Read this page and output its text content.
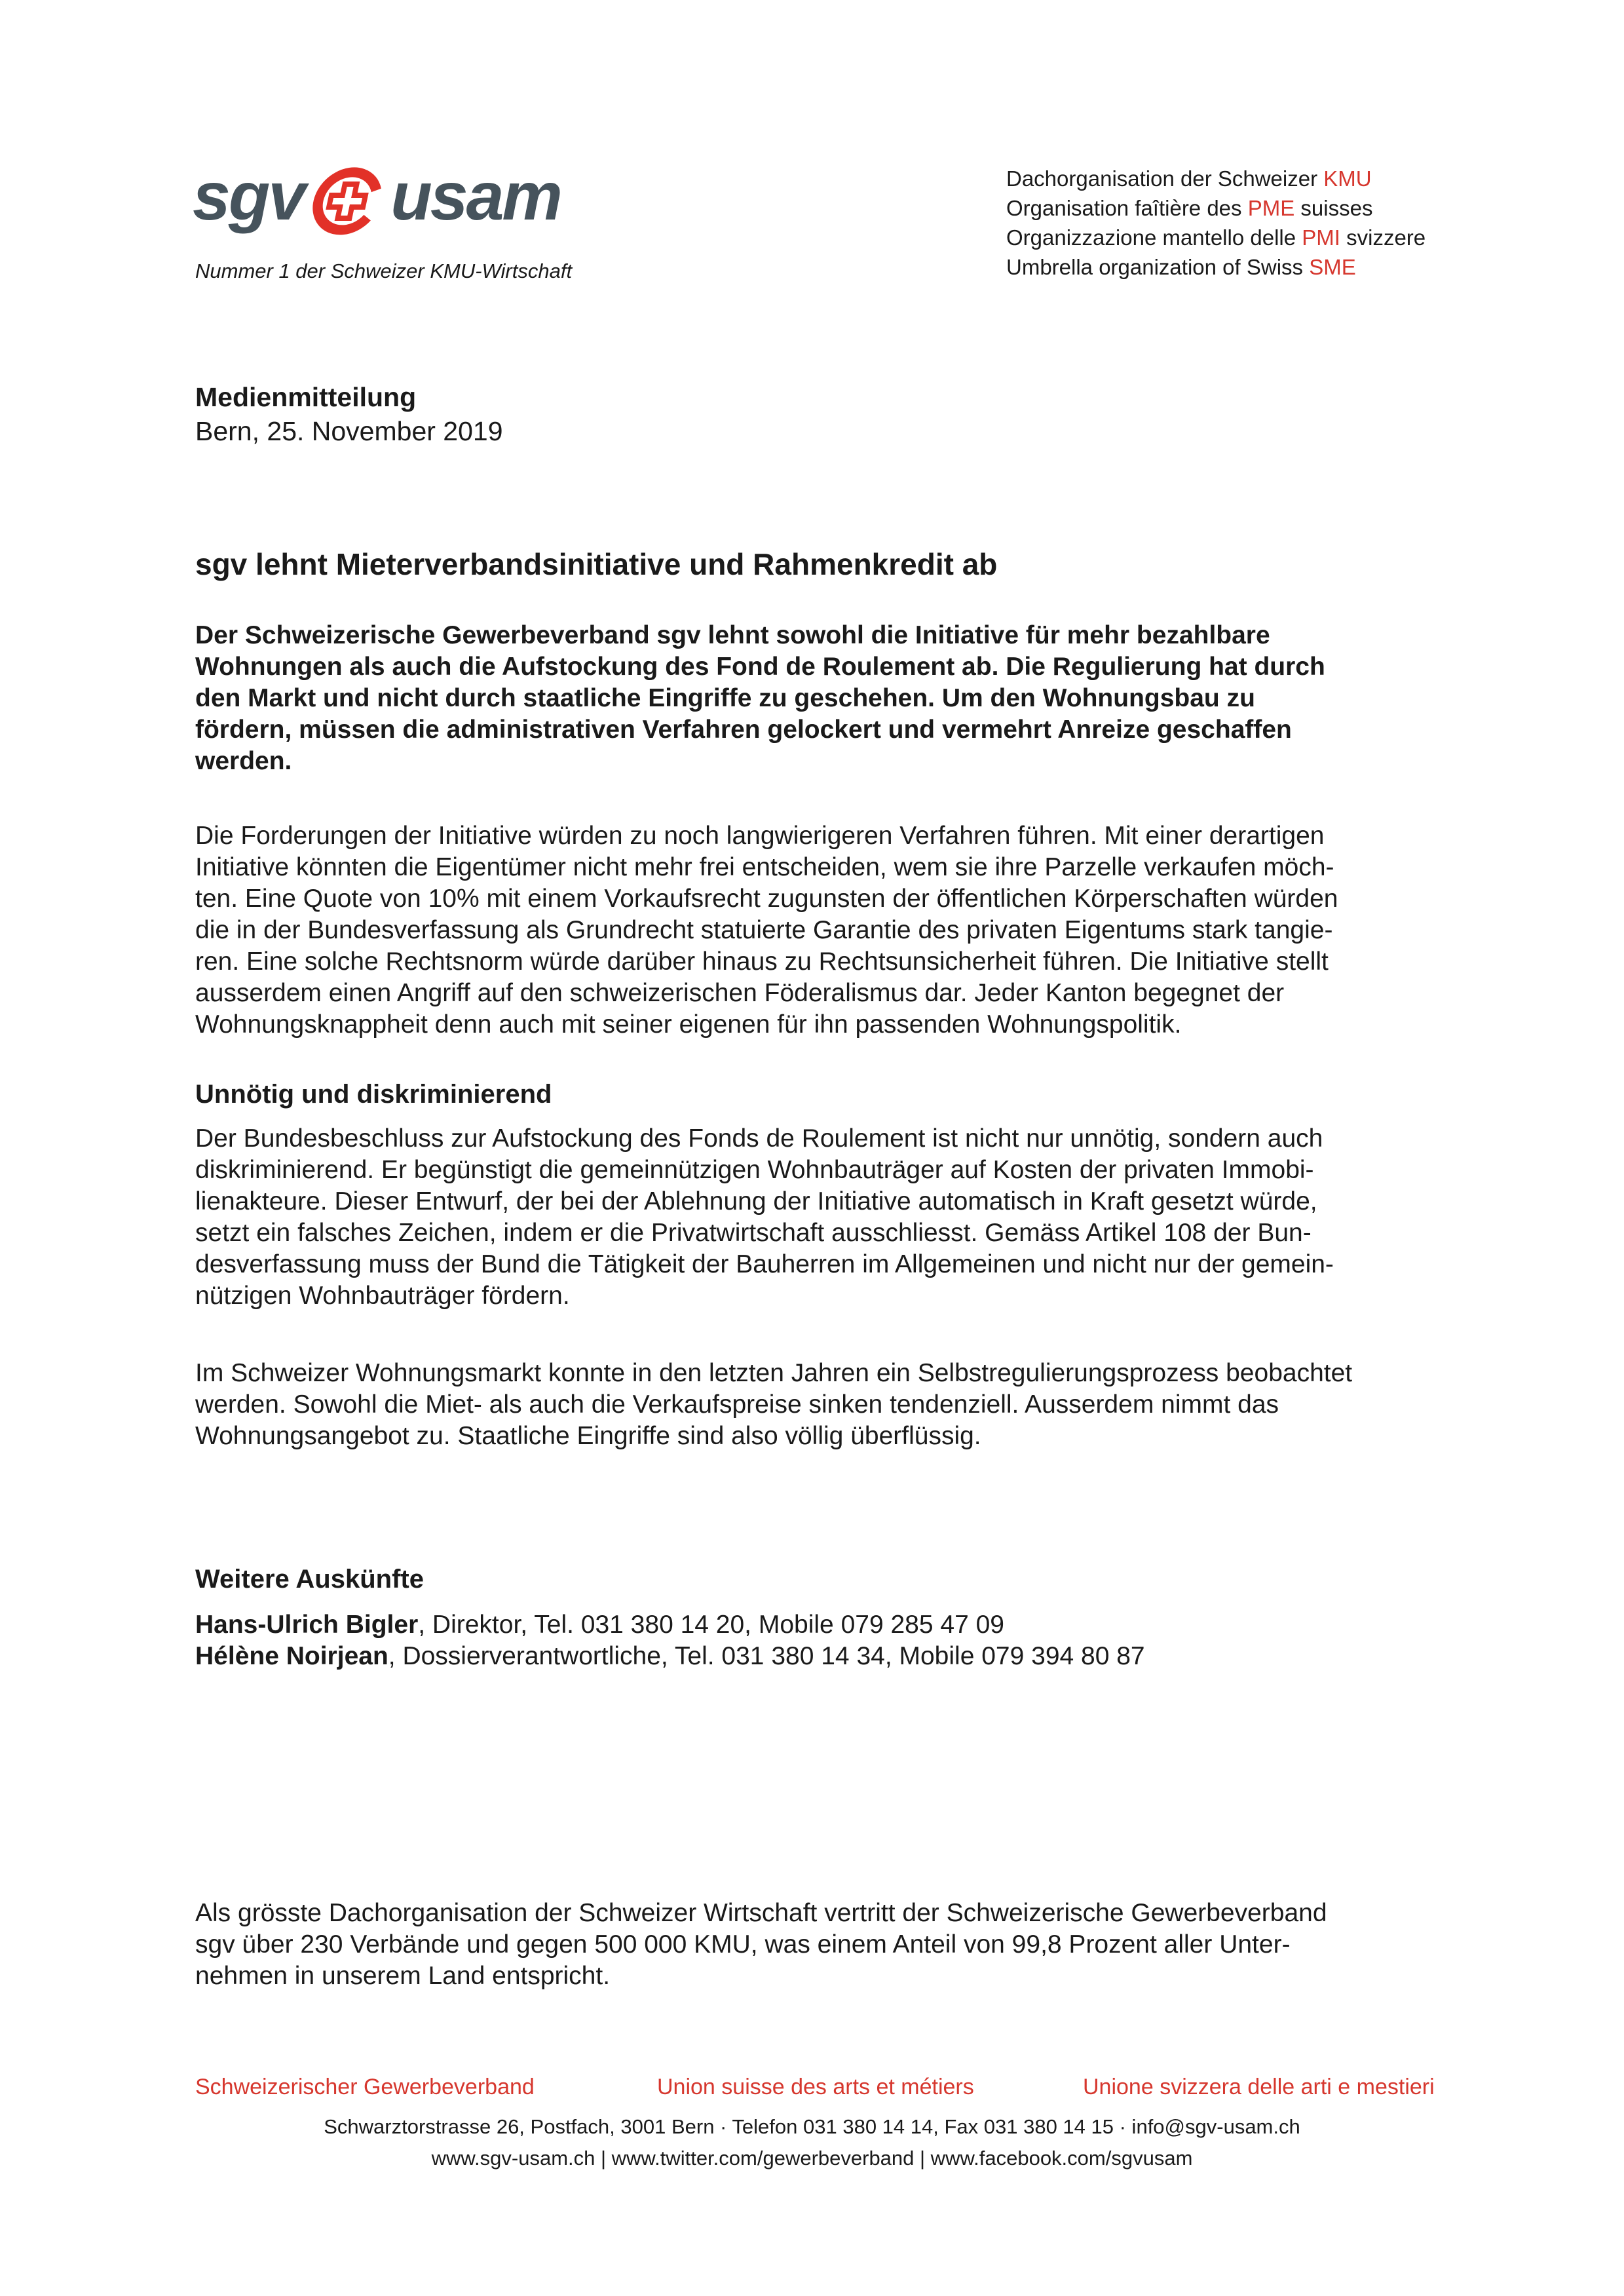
sgv usam
Nummer 1 der Schweizer KMU-Wirtschaft
Dachorganisation der Schweizer KMU
Organisation faîtière des PME suisses
Organizzazione mantello delle PMI svizzere
Umbrella organization of Swiss SME
Medienmitteilung
Bern, 25. November 2019
sgv lehnt Mieterverbandsinitiative und Rahmenkredit ab
Der Schweizerische Gewerbeverband sgv lehnt sowohl die Initiative für mehr bezahlbare
Wohnungen als auch die Aufstockung des Fond de Roulement ab. Die Regulierung hat durch
den Markt und nicht durch staatliche Eingriffe zu geschehen. Um den Wohnungsbau zu
fördern, müssen die administrativen Verfahren gelockert und vermehrt Anreize geschaffen
werden.
Die Forderungen der Initiative würden zu noch langwierigeren Verfahren führen. Mit einer derartigen
Initiative könnten die Eigentümer nicht mehr frei entscheiden, wem sie ihre Parzelle verkaufen möch-
ten. Eine Quote von 10% mit einem Vorkaufsrecht zugunsten der öffentlichen Körperschaften würden
die in der Bundesverfassung als Grundrecht statuierte Garantie des privaten Eigentums stark tangie-
ren. Eine solche Rechtsnorm würde darüber hinaus zu Rechtsunsicherheit führen. Die Initiative stellt
ausserdem einen Angriff auf den schweizerischen Föderalismus dar. Jeder Kanton begegnet der
Wohnungsknappheit denn auch mit seiner eigenen für ihn passenden Wohnungspolitik.
Unnötig und diskriminierend
Der Bundesbeschluss zur Aufstockung des Fonds de Roulement ist nicht nur unnötig, sondern auch
diskriminierend. Er begünstigt die gemeinnützigen Wohnbauträger auf Kosten der privaten Immobi-
lienakteure. Dieser Entwurf, der bei der Ablehnung der Initiative automatisch in Kraft gesetzt würde,
setzt ein falsches Zeichen, indem er die Privatwirtschaft ausschliesst. Gemäss Artikel 108 der Bun-
desverfassung muss der Bund die Tätigkeit der Bauherren im Allgemeinen und nicht nur der gemein-
nützigen Wohnbauträger fördern.
Im Schweizer Wohnungsmarkt konnte in den letzten Jahren ein Selbstregulierungsprozess beobachtet
werden. Sowohl die Miet- als auch die Verkaufspreise sinken tendenziell. Ausserdem nimmt das
Wohnungsangebot zu. Staatliche Eingriffe sind also völlig überflüssig.
Weitere Auskünfte
Hans-Ulrich Bigler, Direktor, Tel. 031 380 14 20, Mobile 079 285 47 09
Hélène Noirjean, Dossierverantwortliche, Tel. 031 380 14 34, Mobile 079 394 80 87
Als grösste Dachorganisation der Schweizer Wirtschaft vertritt der Schweizerische Gewerbeverband
sgv über 230 Verbände und gegen 500 000 KMU, was einem Anteil von 99,8 Prozent aller Unter-
nehmen in unserem Land entspricht.
Schweizerischer Gewerbeverband	Union suisse des arts et métiers	Unione svizzera delle arti e mestieri
Schwarztorstrasse 26, Postfach, 3001 Bern · Telefon 031 380 14 14, Fax 031 380 14 15 · info@sgv-usam.ch
www.sgv-usam.ch | www.twitter.com/gewerbeverband | www.facebook.com/sgvusam
